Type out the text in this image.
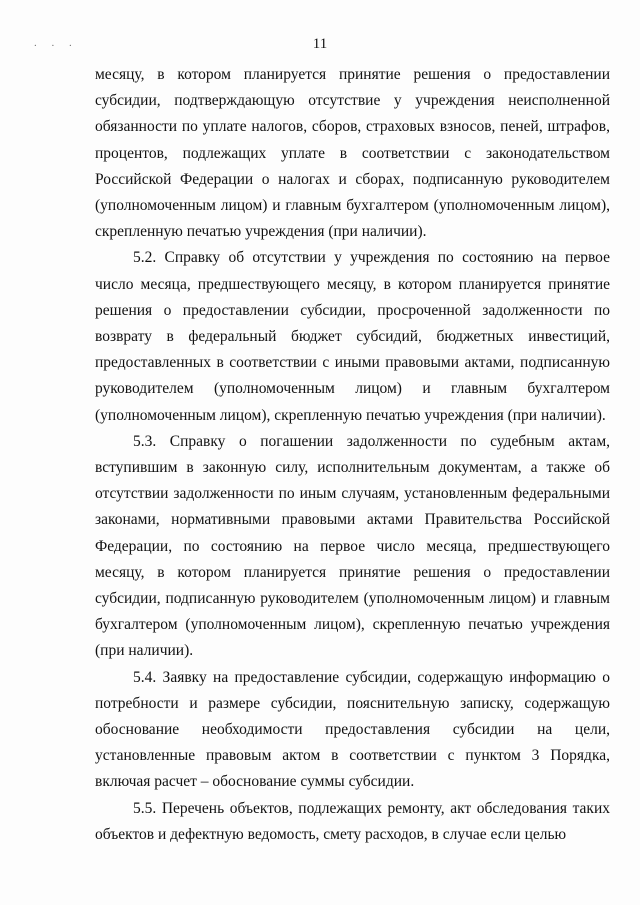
. . .	11

месяцу, в котором планируется принятие решения о предоставлении субсидии, подтверждающую отсутствие у учреждения неисполненной обязанности по уплате налогов, сборов, страховых взносов, пеней, штрафов, процентов, подлежащих уплате в соответствии с законодательством Российской Федерации о налогах и сборах, подписанную руководителем (уполномоченным лицом) и главным бухгалтером (уполномоченным лицом), скрепленную печатью учреждения (при наличии).

5.2. Справку об отсутствии у учреждения по состоянию на первое число месяца, предшествующего месяцу, в котором планируется принятие решения о предоставлении субсидии, просроченной задолженности по возврату в федеральный бюджет субсидий, бюджетных инвестиций, предоставленных в соответствии с иными правовыми актами, подписанную руководителем (уполномоченным лицом) и главным бухгалтером (уполномоченным лицом), скрепленную печатью учреждения (при наличии).

5.3. Справку о погашении задолженности по судебным актам, вступившим в законную силу, исполнительным документам, а также об отсутствии задолженности по иным случаям, установленным федеральными законами, нормативными правовыми актами Правительства Российской Федерации, по состоянию на первое число месяца, предшествующего месяцу, в котором планируется принятие решения о предоставлении субсидии, подписанную руководителем (уполномоченным лицом) и главным бухгалтером (уполномоченным лицом), скрепленную печатью учреждения (при наличии).

5.4. Заявку на предоставление субсидии, содержащую информацию о потребности и размере субсидии, пояснительную записку, содержащую обоснование необходимости предоставления субсидии на цели, установленные правовым актом в соответствии с пунктом 3 Порядка, включая расчет – обоснование суммы субсидии.

5.5. Перечень объектов, подлежащих ремонту, акт обследования таких объектов и дефектную ведомость, смету расходов, в случае если целью
